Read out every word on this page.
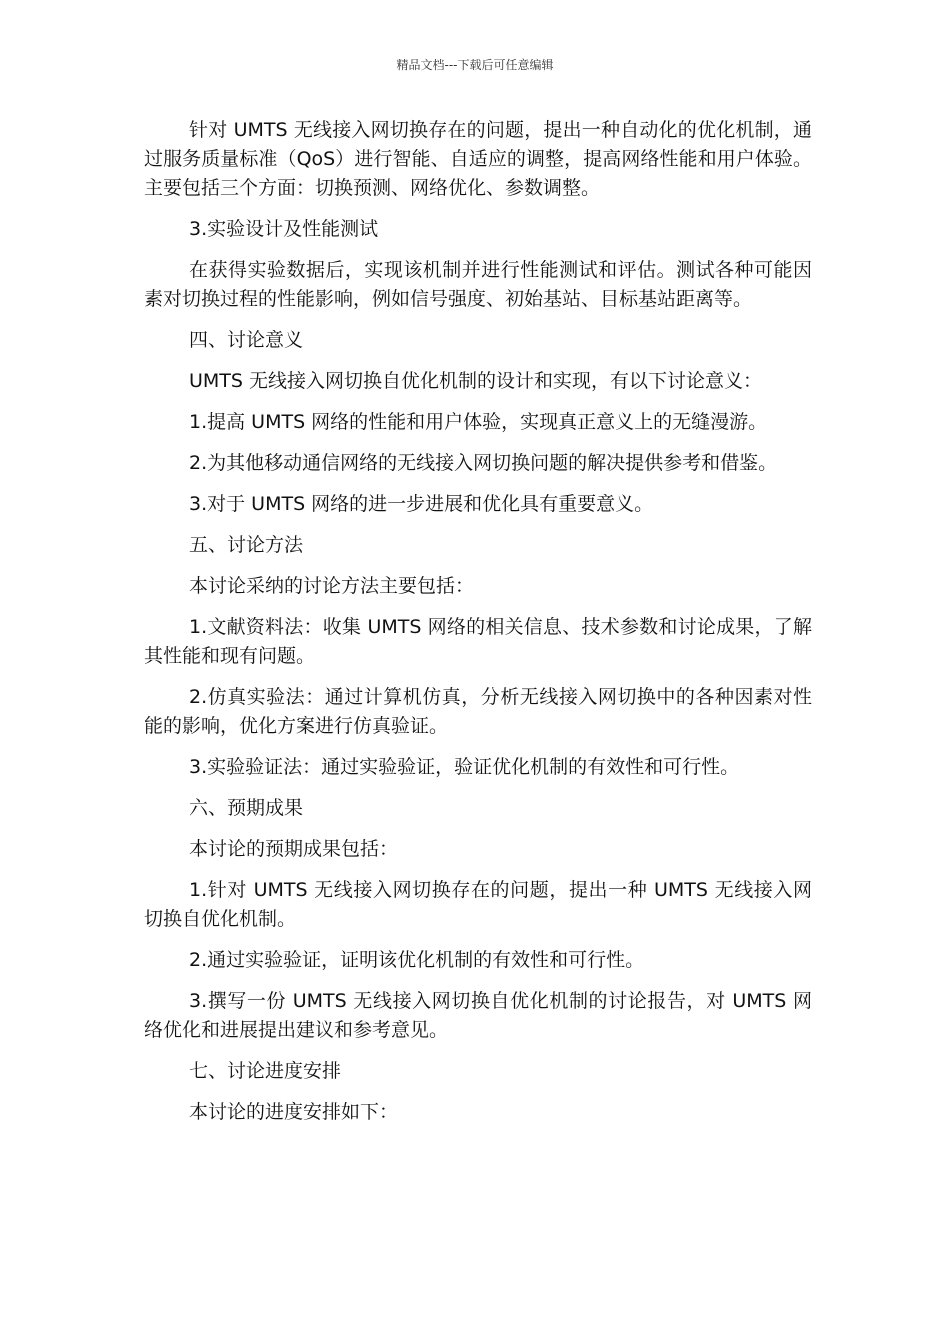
精品文档---下载后可任意编辑

针对 UMTS 无线接入网切换存在的问题，提出一种自动化的优化机制，通过服务质量标准（QoS）进行智能、自适应的调整，提高网络性能和用户体验。主要包括三个方面：切换预测、网络优化、参数调整。

3.实验设计及性能测试

在获得实验数据后，实现该机制并进行性能测试和评估。测试各种可能因素对切换过程的性能影响，例如信号强度、初始基站、目标基站距离等。

四、讨论意义

UMTS 无线接入网切换自优化机制的设计和实现，有以下讨论意义：

1.提高 UMTS 网络的性能和用户体验，实现真正意义上的无缝漫游。

2.为其他移动通信网络的无线接入网切换问题的解决提供参考和借鉴。

3.对于 UMTS 网络的进一步进展和优化具有重要意义。

五、讨论方法

本讨论采纳的讨论方法主要包括：

1.文献资料法：收集 UMTS 网络的相关信息、技术参数和讨论成果，了解其性能和现有问题。

2.仿真实验法：通过计算机仿真，分析无线接入网切换中的各种因素对性能的影响，优化方案进行仿真验证。

3.实验验证法：通过实验验证，验证优化机制的有效性和可行性。

六、预期成果

本讨论的预期成果包括：

1.针对 UMTS 无线接入网切换存在的问题，提出一种 UMTS 无线接入网切换自优化机制。

2.通过实验验证，证明该优化机制的有效性和可行性。

3.撰写一份 UMTS 无线接入网切换自优化机制的讨论报告，对 UMTS 网络优化和进展提出建议和参考意见。

七、讨论进度安排

本讨论的进度安排如下：
